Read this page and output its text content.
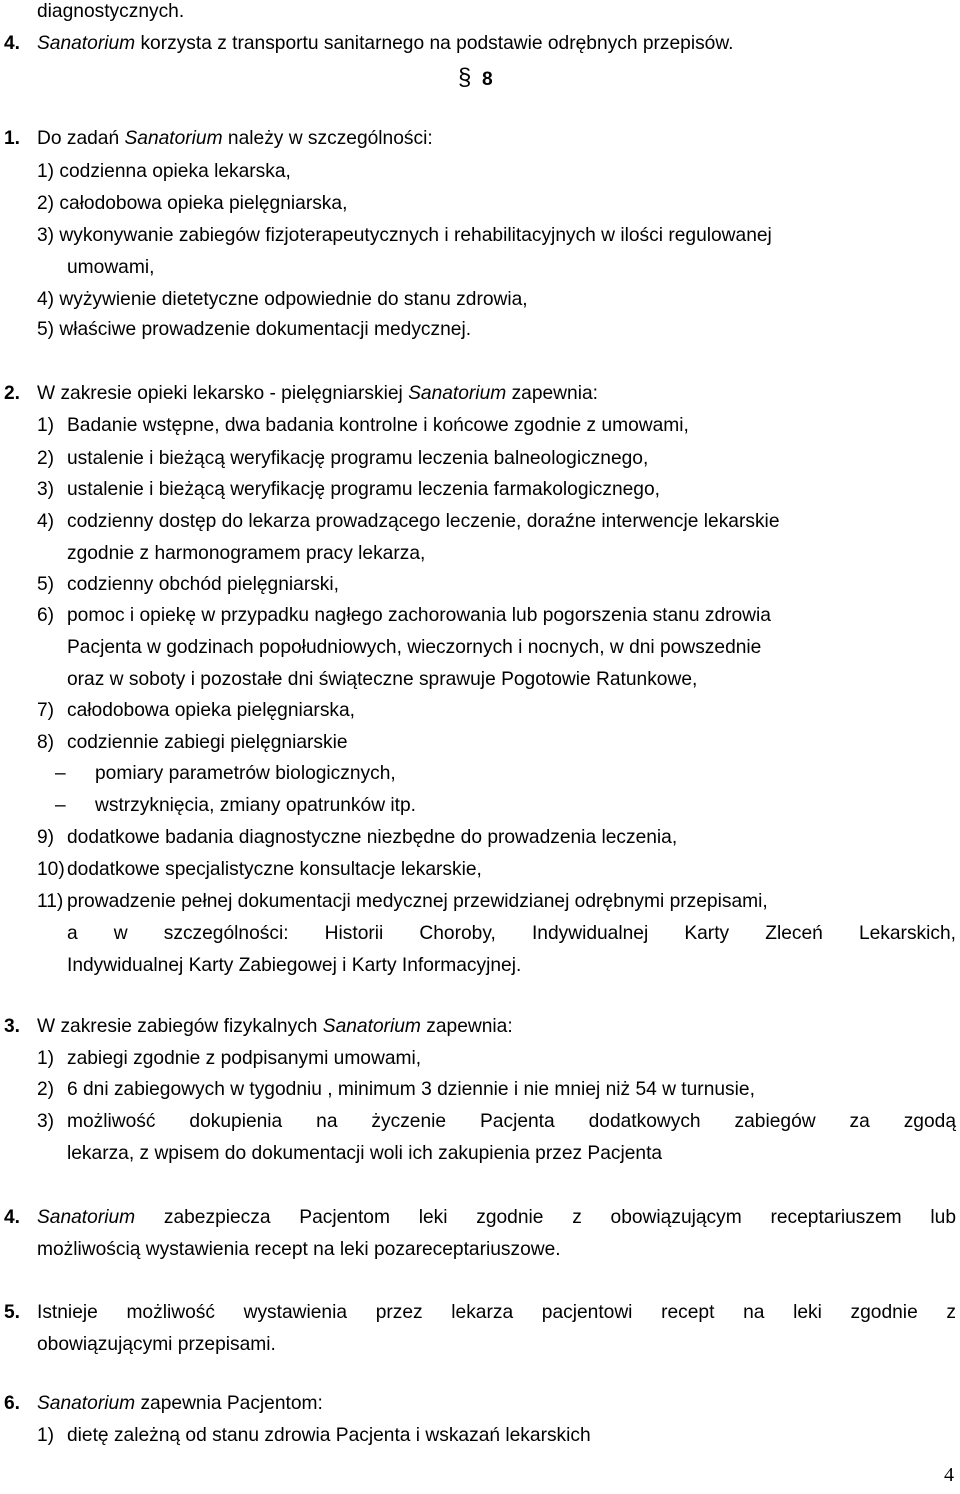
diagnostycznych.
4. Sanatorium korzysta z transportu sanitarnego na podstawie odrębnych przepisów.
§ 8
1. Do zadań Sanatorium należy w szczególności:
1) codzienna opieka lekarska,
2) całodobowa opieka pielęgniarska,
3) wykonywanie zabiegów fizjoterapeutycznych i rehabilitacyjnych w ilości regulowanej
umowami,
4) wyżywienie dietetyczne odpowiednie do stanu zdrowia,
5) właściwe prowadzenie dokumentacji medycznej.
2. W zakresie opieki lekarsko - pielęgniarskiej Sanatorium zapewnia:
1) Badanie wstępne, dwa badania kontrolne i końcowe zgodnie z umowami,
2) ustalenie i bieżącą weryfikację programu leczenia balneologicznego,
3) ustalenie i bieżącą weryfikację programu leczenia farmakologicznego,
4) codzienny dostęp do lekarza prowadzącego leczenie, doraźne interwencje lekarskie
zgodnie z harmonogramem pracy lekarza,
5) codzienny obchód pielęgniarski,
6) pomoc i opiekę w przypadku nagłego zachorowania lub pogorszenia stanu zdrowia
Pacjenta w godzinach popołudniowych, wieczornych i nocnych, w dni powszednie
oraz w soboty i pozostałe dni świąteczne sprawuje Pogotowie Ratunkowe,
7) całodobowa opieka pielęgniarska,
8) codziennie zabiegi pielęgniarskie
– pomiary parametrów biologicznych,
– wstrzyknięcia, zmiany opatrunków itp.
9) dodatkowe badania diagnostyczne niezbędne do prowadzenia leczenia,
10) dodatkowe specjalistyczne konsultacje lekarskie,
11) prowadzenie pełnej dokumentacji medycznej przewidzianej odrębnymi przepisami,
a w szczególności: Historii Choroby, Indywidualnej Karty Zleceń Lekarskich,
Indywidualnej Karty Zabiegowej i Karty Informacyjnej.
3. W zakresie zabiegów fizykalnych Sanatorium zapewnia:
1) zabiegi zgodnie z podpisanymi umowami,
2) 6 dni zabiegowych w tygodniu , minimum 3 dziennie i nie mniej niż 54 w turnusie,
3) możliwość dokupienia na życzenie Pacjenta dodatkowych zabiegów za zgodą
lekarza, z wpisem do dokumentacji woli ich zakupienia przez Pacjenta
4. Sanatorium zabezpiecza Pacjentom leki zgodnie z obowiązującym receptariuszem lub
możliwością wystawienia recept na leki pozareceptariuszowe.
5. Istnieje możliwość wystawienia przez lekarza pacjentowi recept na leki zgodnie z
obowiązującymi przepisami.
6. Sanatorium zapewnia Pacjentom:
1) dietę zależną od stanu zdrowia Pacjenta i wskazań lekarskich
4
